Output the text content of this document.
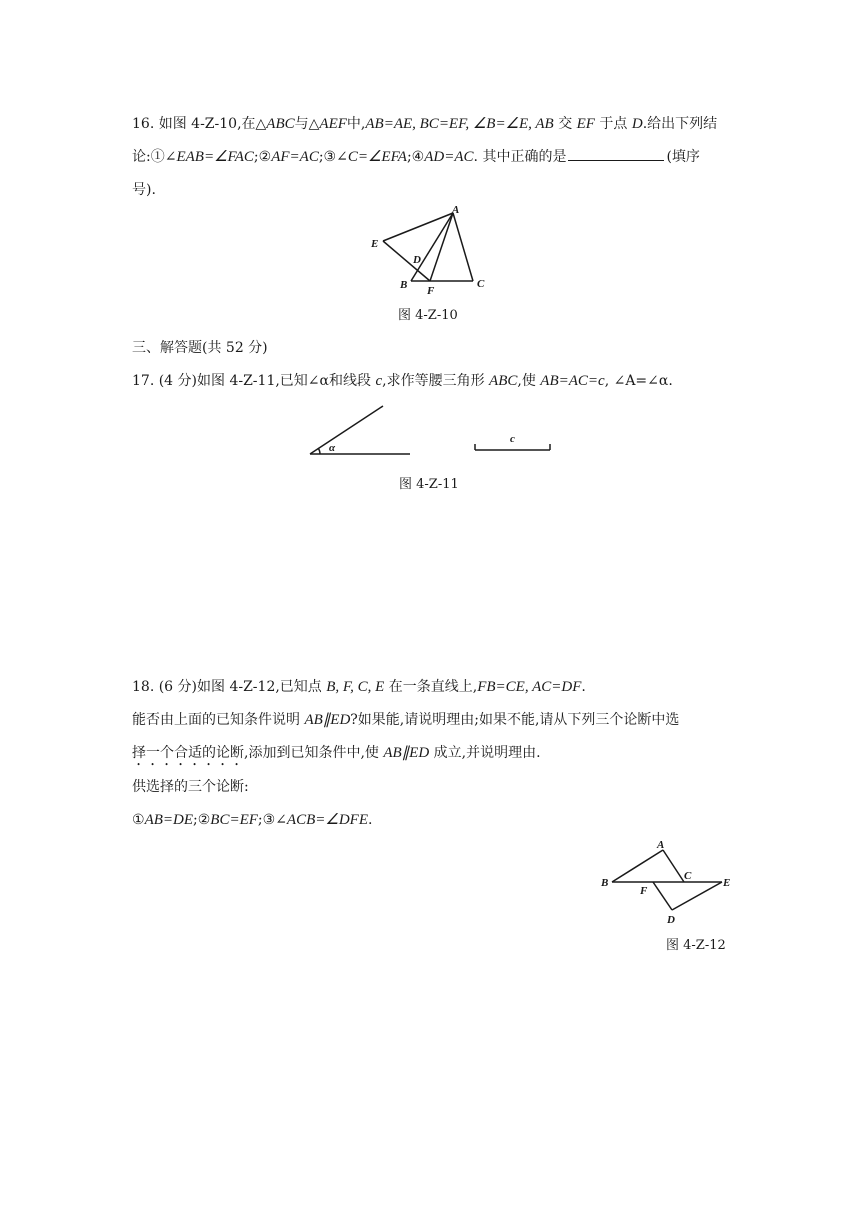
16. 如图 4-Z-10,在△ABC与△AEF中,AB=AE, BC=EF, ∠B=∠E, AB 交 EF 于点 D.给出下列结
论:①∠EAB=∠FAC;②AF=AC;③∠C=∠EFA;④AD=AC. 其中正确的是	(填序
号).
A
E
D
B F
C
图 4-Z-10
三、解答题(共 52 分)
17. (4 分)如图 4-Z-11,已知∠α和线段 c,求作等腰三角形 ABC,使 AB=AC=c, ∠A=∠α.
α
c
图 4-Z-11
18. (6 分)如图 4-Z-12,已知点 B, F, C, E 在一条直线上,FB=CE, AC=DF.
能否由上面的已知条件说明 AB∥ED?如果能,请说明理由;如果不能,请从下列三个论断中选
择一个合适的论断,添加到已知条件中,使 AB∥ED 成立,并说明理由.
供选择的三个论断:
①AB=DE;②BC=EF;③∠ACB=∠DFE.
A
B
F
C
E
D
图 4-Z-12
